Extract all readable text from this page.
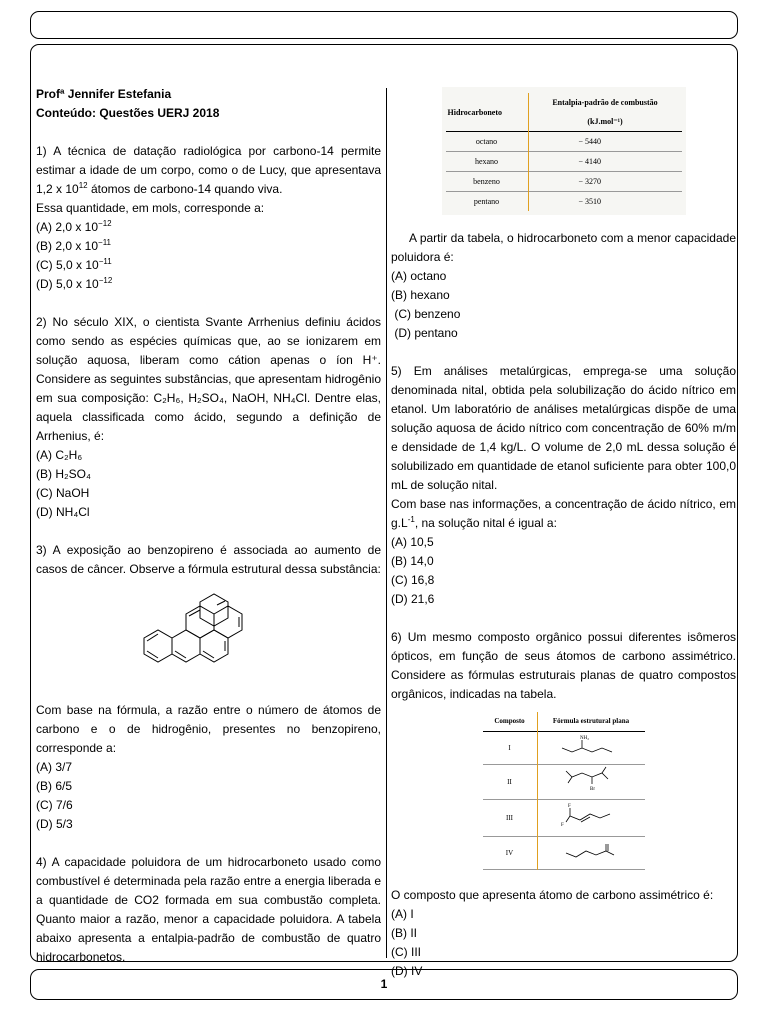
Profª Jennifer Estefania

Conteúdo: Questões UERJ 2018

1) A técnica de datação radiológica por carbono-14 permite estimar a idade de um corpo, como o de Lucy, que apresentava 1,2 x $10^{12}$ átomos de carbono-14 quando viva.

Essa quantidade, em mols, corresponde a:

(A) 2,0 x $10^{-12}$

(B) 2,0 x $10^{-11}$

(C) 5,0 x $10^{-11}$

(D) 5,0 x $10^{-12}$

2) No século XIX, o cientista Svante Arrhenius definiu ácidos como sendo as espécies químicas que, ao se ionizarem em solução aquosa, liberam como cátion apenas o íon H⁺. Considere as seguintes substâncias, que apresentam hidrogênio em sua composição: C₂H₆, H₂SO₄, NaOH, NH₄Cl. Dentre elas, aquela classificada como ácido, segundo a definição de Arrhenius, é:

(A) C₂H₆

(B) H₂SO₄

(C) NaOH

(D) NH₄Cl

3) A exposição ao benzopireno é associada ao aumento de casos de câncer. Observe a fórmula estrutural dessa substância:

Com base na fórmula, a razão entre o número de átomos de carbono e o de hidrogênio, presentes no benzopireno, corresponde a:

(A) 3/7

(B) 6/5

(C) 7/6

(D) 5/3

4) A capacidade poluidora de um hidrocarboneto usado como combustível é determinada pela razão entre a energia liberada e a quantidade de CO2 formada em sua combustão completa. Quanto maior a razão, menor a capacidade poluidora. A tabela abaixo apresenta a entalpia-padrão de combustão de quatro hidrocarbonetos.

Hidrocarboneto	Entalpia-padrão de combustão
(kJ.mol⁻¹)
octano	− 5440
hexano	− 4140
benzeno	− 3270
pentano	− 3510

A partir da tabela, o hidrocarboneto com a menor capacidade poluidora é:

(A) octano

(B) hexano

(C) benzeno

(D) pentano

5) Em análises metalúrgicas, emprega-se uma solução denominada nital, obtida pela solubilização do ácido nítrico em etanol. Um laboratório de análises metalúrgicas dispõe de uma solução aquosa de ácido nítrico com concentração de 60% m/m e densidade de 1,4 kg/L. O volume de 2,0 mL dessa solução é solubilizado em quantidade de etanol suficiente para obter 100,0 mL de solução nital.

Com base nas informações, a concentração de ácido nítrico, em $g.L^{-1}$, na solução nital é igual a:

(A) 10,5

(B) 14,0

(C) 16,8

(D) 21,6

6) Um mesmo composto orgânico possui diferentes isômeros ópticos, em função de seus átomos de carbono assimétrico. Considere as fórmulas estruturais planas de quatro compostos orgânicos, indicadas na tabela.

Composto	Fórmula estrutural plana
I	NH₂

II	Br

III	F
F

IV	

O composto que apresenta átomo de carbono assimétrico é:

(A) I

(B) II

(C) III

(D) IV

1
